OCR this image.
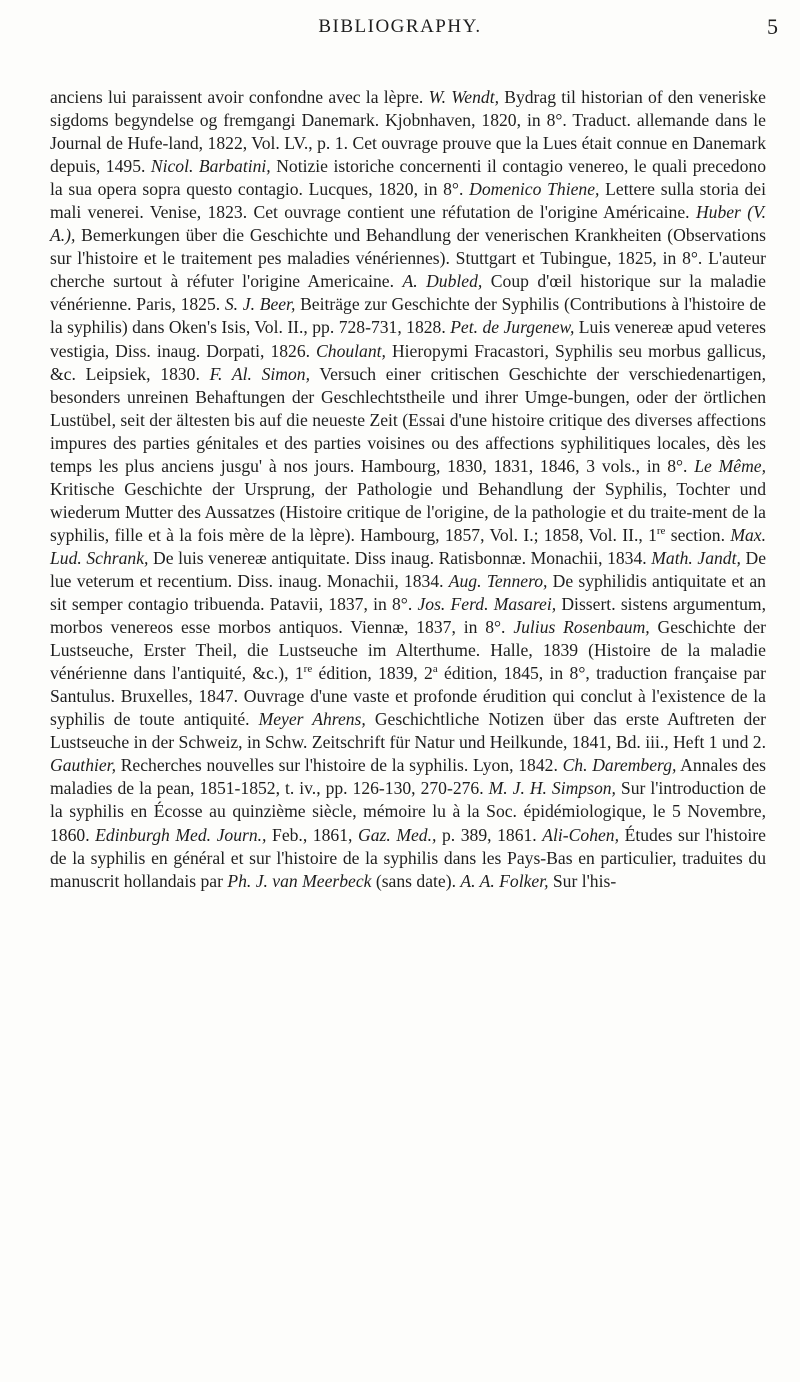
BIBLIOGRAPHY.	5

anciens lui paraissent avoir confondne avec la lèpre. W. Wendt, Bydrag til historian of den veneriske sigdoms begyndelse og fremgangi Danemark. Kjobnhaven, 1820, in 8°. Traduct. allemande dans le Journal de Hufe-land, 1822, Vol. LV., p. 1. Cet ouvrage prouve que la Lues était connue en Danemark depuis, 1495. Nicol. Barbatini, Notizie istoriche concernenti il contagio venereo, le quali precedono la sua opera sopra questo contagio. Lucques, 1820, in 8°. Domenico Thiene, Lettere sulla storia dei mali venerei. Venise, 1823. Cet ouvrage contient une réfutation de l'origine Américaine. Huber (V. A.), Bemerkungen über die Geschichte und Behandlung der venerischen Krankheiten (Observations sur l'histoire et le traitement pes maladies vénériennes). Stuttgart et Tubingue, 1825, in 8°. L'auteur cherche surtout à réfuter l'origine Americaine. A. Dubled, Coup d'œil historique sur la maladie vénérienne. Paris, 1825. S. J. Beer, Beiträge zur Geschichte der Syphilis (Contributions à l'histoire de la syphilis) dans Oken's Isis, Vol. II., pp. 728-731, 1828. Pet. de Jurgenew, Luis venereæ apud veteres vestigia, Diss. inaug. Dorpati, 1826. Choulant, Hieropymi Fracastori, Syphilis seu morbus gallicus, &c. Leipsiek, 1830. F. Al. Simon, Versuch einer critischen Geschichte der verschiedenartigen, besonders unreinen Behaftungen der Geschlechtstheile und ihrer Umge-bungen, oder der örtlichen Lustübel, seit der ältesten bis auf die neueste Zeit (Essai d'une histoire critique des diverses affections impures des parties génitales et des parties voisines ou des affections syphilitiques locales, dès les temps les plus anciens jusgu' à nos jours. Hambourg, 1830, 1831, 1846, 3 vols., in 8°. Le Même, Kritische Geschichte der Ursprung, der Pathologie und Behandlung der Syphilis, Tochter und wiederum Mutter des Aussatzes (Histoire critique de l'origine, de la pathologie et du traite-ment de la syphilis, fille et à la fois mère de la lèpre). Hambourg, 1857, Vol. I.; 1858, Vol. II., 1re section. Max. Lud. Schrank, De luis venereæ antiquitate. Diss inaug. Ratisbonnæ. Monachii, 1834. Math. Jandt, De lue veterum et recentium. Diss. inaug. Monachii, 1834. Aug. Tennero, De syphilidis antiquitate et an sit semper contagio tribuenda. Patavii, 1837, in 8°. Jos. Ferd. Masarei, Dissert. sistens argumentum, morbos venereos esse morbos antiquos. Viennæ, 1837, in 8°. Julius Rosenbaum, Geschichte der Lustseuche, Erster Theil, die Lustseuche im Alterthume. Halle, 1839 (Histoire de la maladie vénérienne dans l'antiquité, &c.), 1re édition, 1839, 2$^a$ édition, 1845, in 8°, traduction française par Santulus. Bruxelles, 1847. Ouvrage d'une vaste et profonde érudition qui conclut à l'existence de la syphilis de toute antiquité. Meyer Ahrens, Geschichtliche Notizen über das erste Auftreten der Lustseuche in der Schweiz, in Schw. Zeitschrift für Natur und Heilkunde, 1841, Bd. iii., Heft 1 und 2. Gauthier, Recherches nouvelles sur l'histoire de la syphilis. Lyon, 1842. Ch. Daremberg, Annales des maladies de la pean, 1851-1852, t. iv., pp. 126-130, 270-276. M. J. H. Simpson, Sur l'introduction de la syphilis en Écosse au quinzième siècle, mémoire lu à la Soc. épidémiologique, le 5 Novembre, 1860. Edinburgh Med. Journ., Feb., 1861, Gaz. Med., p. 389, 1861. Ali-Cohen, Études sur l'histoire de la syphilis en général et sur l'histoire de la syphilis dans les Pays-Bas en particulier, traduites du manuscrit hollandais par Ph. J. van Meerbeck (sans date). A. A. Folker, Sur l'his-
